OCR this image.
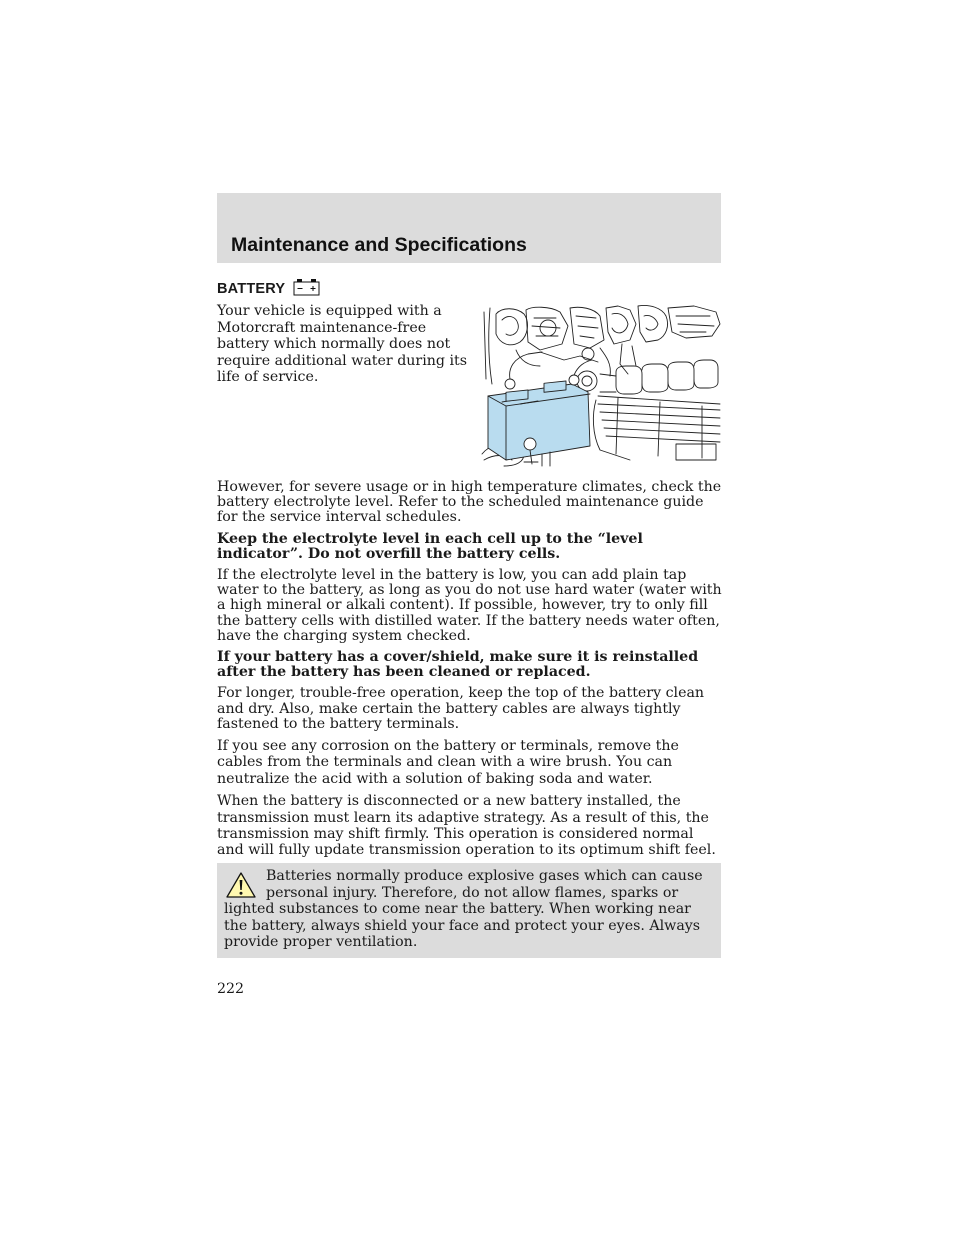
Maintenance and Specifications
BATTERY
Your vehicle is equipped with a Motorcraft maintenance-free battery which normally does not require additional water during its life of service.

However, for severe usage or in high temperature climates, check the battery electrolyte level. Refer to the scheduled maintenance guide for the service interval schedules.

Keep the electrolyte level in each cell up to the “level indicator”. Do not overfill the battery cells.

If the electrolyte level in the battery is low, you can add plain tap water to the battery, as long as you do not use hard water (water with a high mineral or alkali content). If possible, however, try to only fill the battery cells with distilled water. If the battery needs water often, have the charging system checked.

If your battery has a cover/shield, make sure it is reinstalled after the battery has been cleaned or replaced.

For longer, trouble-free operation, keep the top of the battery clean and dry. Also, make certain the battery cables are always tightly fastened to the battery terminals.

If you see any corrosion on the battery or terminals, remove the cables from the terminals and clean with a wire brush. You can neutralize the acid with a solution of baking soda and water.

When the battery is disconnected or a new battery installed, the transmission must learn its adaptive strategy. As a result of this, the transmission may shift firmly. This operation is considered normal and will fully update transmission operation to its optimum shift feel.

Batteries normally produce explosive gases which can cause personal injury. Therefore, do not allow flames, sparks or lighted substances to come near the battery. When working near the battery, always shield your face and protect your eyes. Always provide proper ventilation.
222
